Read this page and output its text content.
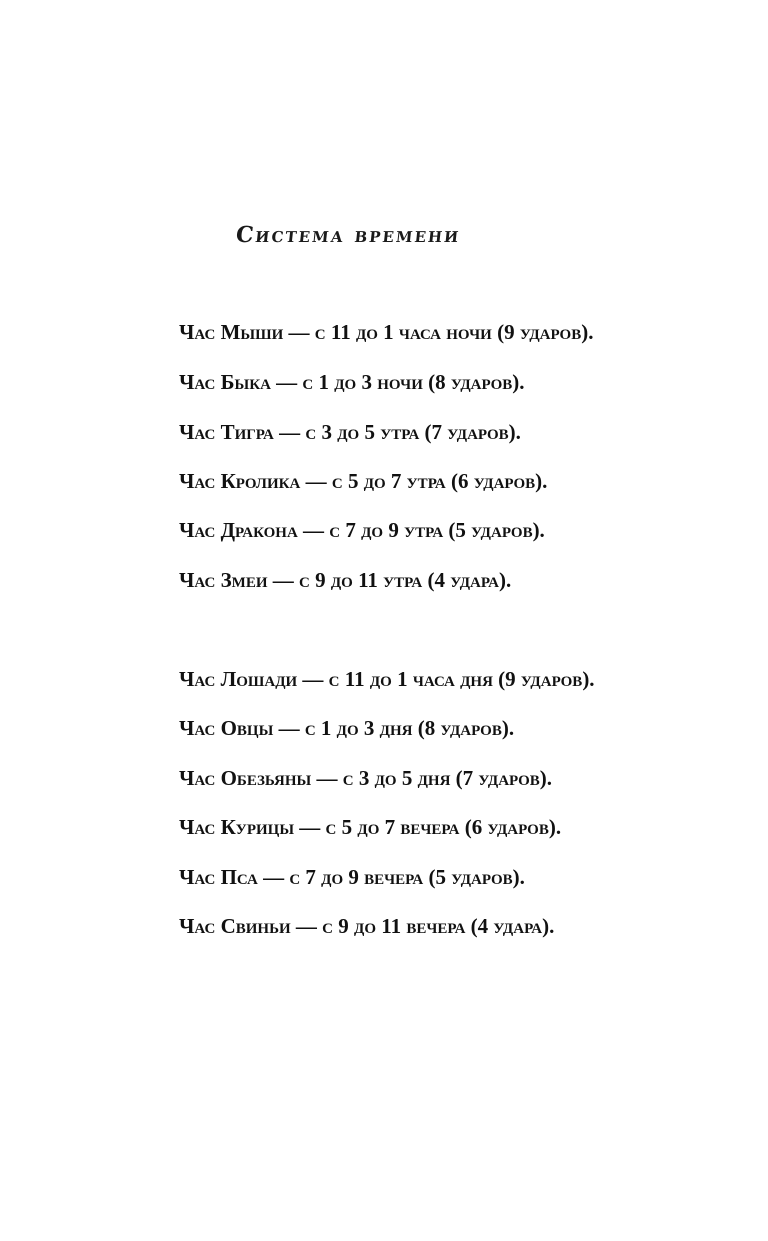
Система времени
Час Мыши — с 11 до 1 часа ночи (9 ударов).
Час Быка — с 1 до 3 ночи (8 ударов).
Час Тигра — с 3 до 5 утра (7 ударов).
Час Кролика — с 5 до 7 утра (6 ударов).
Час Дракона — с 7 до 9 утра (5 ударов).
Час Змеи — с 9 до 11 утра (4 удара).
Час Лошади — с 11 до 1 часа дня (9 ударов).
Час Овцы — с 1 до 3 дня (8 ударов).
Час Обезьяны — с 3 до 5 дня (7 ударов).
Час Курицы — с 5 до 7 вечера (6 ударов).
Час Пса — с 7 до 9 вечера (5 ударов).
Час Свиньи — с 9 до 11 вечера (4 удара).
